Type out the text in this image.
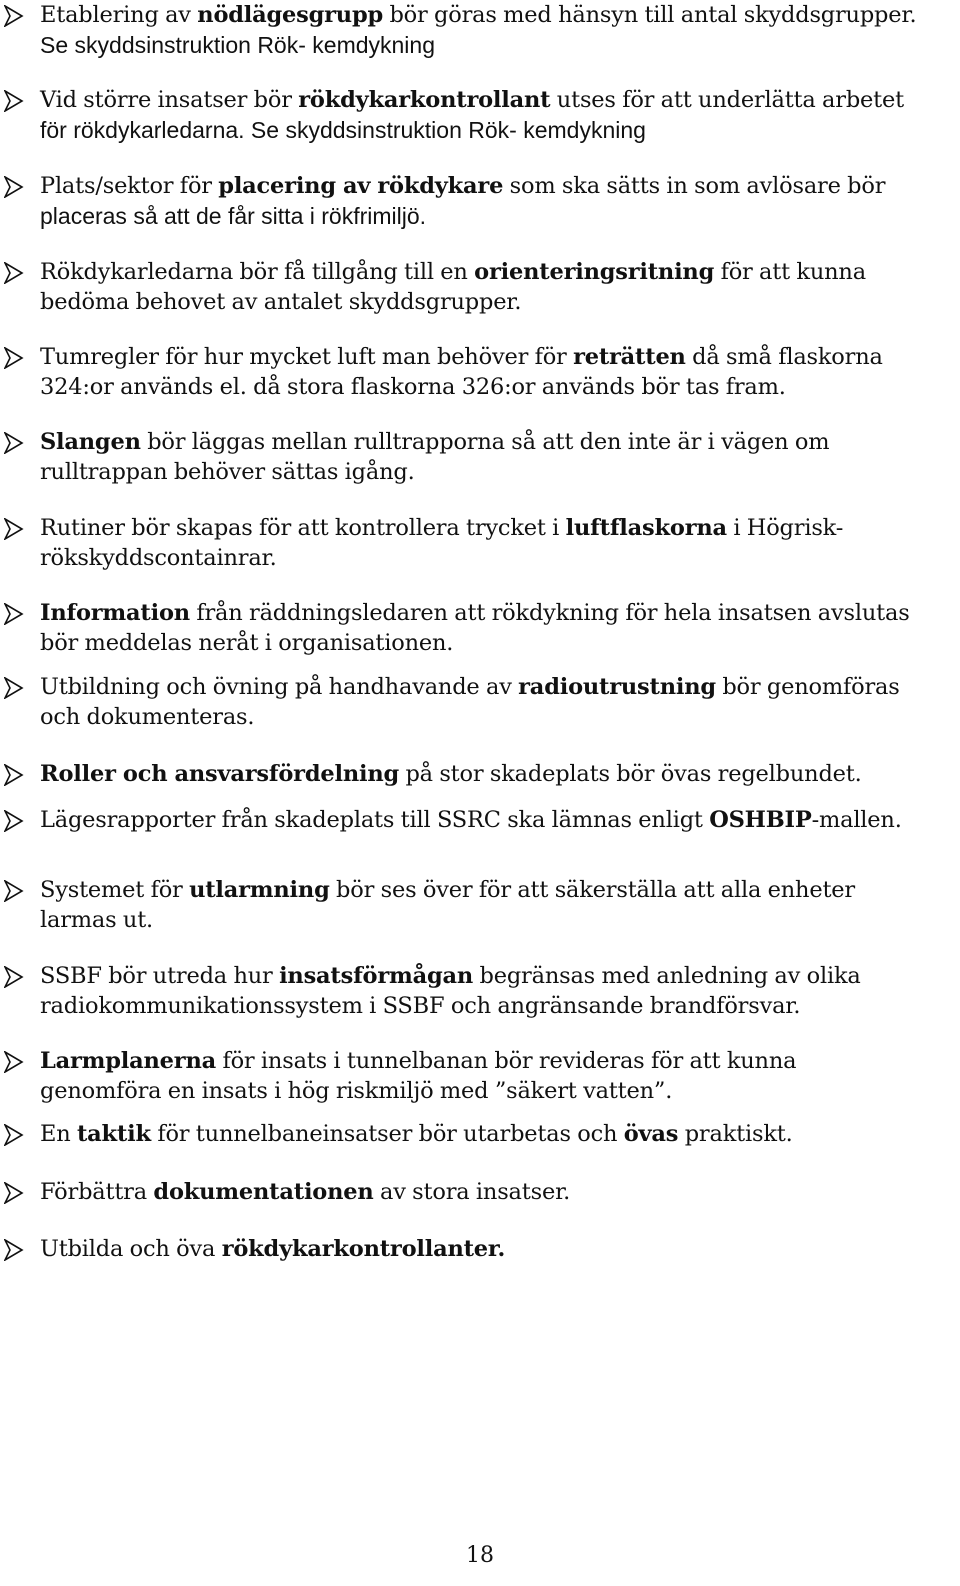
Etablering av nödlägesgrupp bör göras med hänsyn till antal skyddsgrupper.
Se skyddsinstruktion Rök- kemdykning
Vid större insatser bör rökdykarkontrollant utses för att underlätta arbetet
för rökdykarledarna. Se skyddsinstruktion Rök- kemdykning
Plats/sektor för placering av rökdykare som ska sätts in som avlösare bör
placeras så att de får sitta i rökfrimiljö.
Rökdykarledarna bör få tillgång till en orienteringsritning för att kunna
bedöma behovet av antalet skyddsgrupper.
Tumregler för hur mycket luft man behöver för reträtten då små flaskorna
324:or används el. då stora flaskorna 326:or används bör tas fram.
Slangen bör läggas mellan rulltrapporna så att den inte är i vägen om
rulltrappan behöver sättas igång.
Rutiner bör skapas för att kontrollera trycket i luftflaskorna i Högrisk-
rökskyddscontainrar.
Information från räddningsledaren att rökdykning för hela insatsen avslutas
bör meddelas neråt i organisationen.
Utbildning och övning på handhavande av radioutrustning bör genomföras
och dokumenteras.
Roller och ansvarsfördelning på stor skadeplats bör övas regelbundet.
Lägesrapporter från skadeplats till SSRC ska lämnas enligt OSHBIP-mallen.
Systemet för utlarmning bör ses över för att säkerställa att alla enheter
larmas ut.
SSBF bör utreda hur insatsförmågan begränsas med anledning av olika
radiokommunikationssystem i SSBF och angränsande brandförsvar.
Larmplanerna för insats i tunnelbanan bör revideras för att kunna
genomföra en insats i hög riskmiljö med ”säkert vatten”.
En taktik för tunnelbaneinsatser bör utarbetas och övas praktiskt.
Förbättra dokumentationen av stora insatser.
Utbilda och öva rökdykarkontrollanter.
18
